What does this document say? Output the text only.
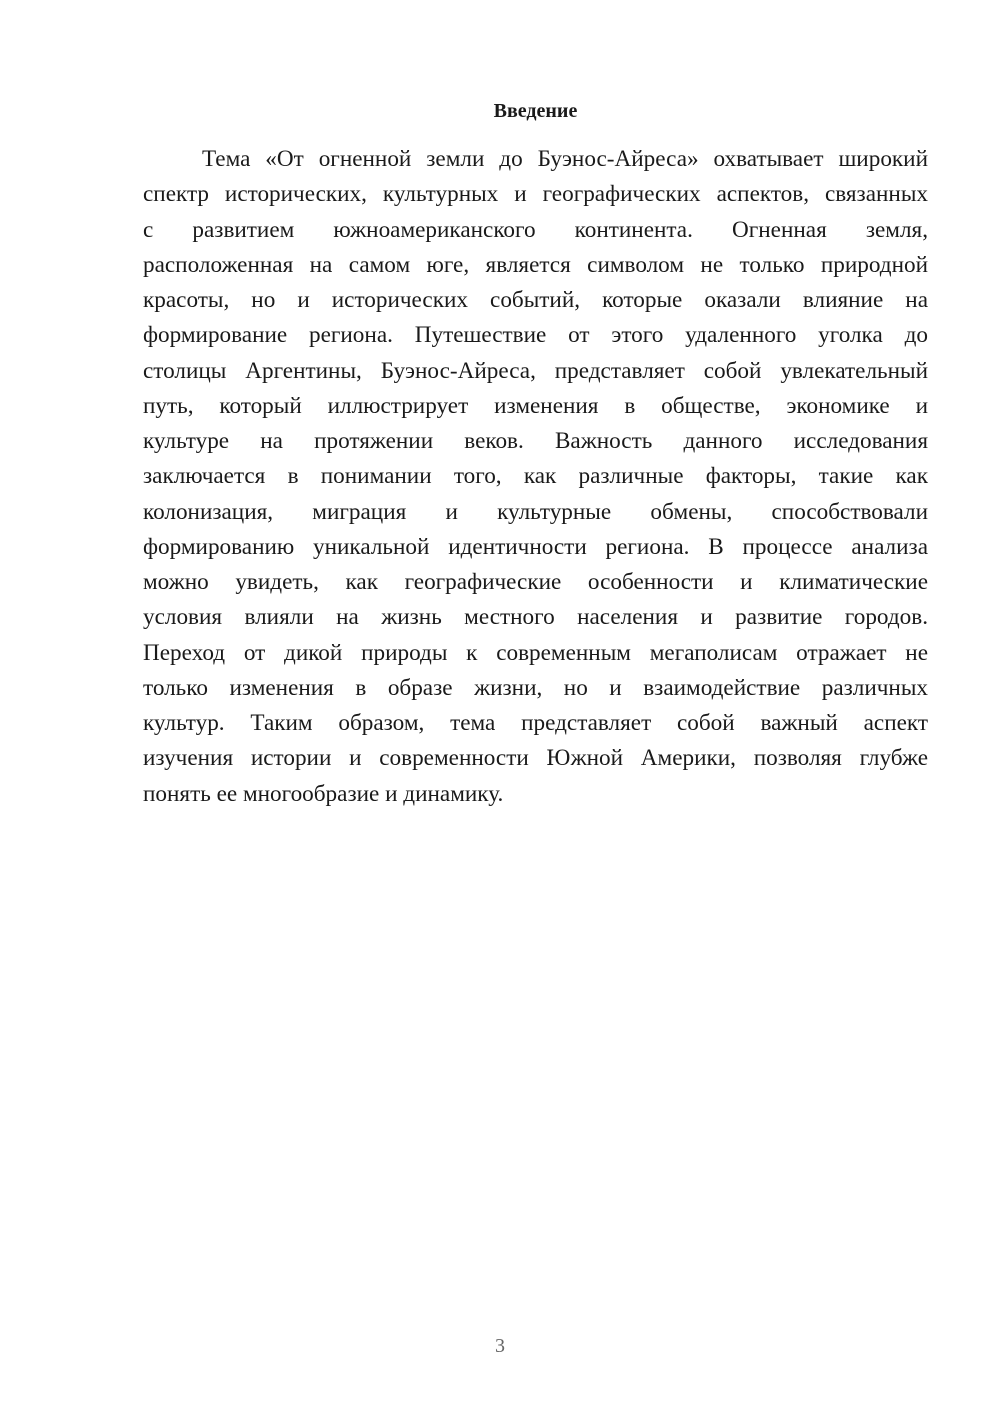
Введение
Тема «От огненной земли до Буэнос-Айреса» охватывает широкий
спектр исторических, культурных и географических аспектов, связанных
с развитием южноамериканского континента. Огненная земля,
расположенная на самом юге, является символом не только природной
красоты, но и исторических событий, которые оказали влияние на
формирование региона. Путешествие от этого удаленного уголка до
столицы Аргентины, Буэнос-Айреса, представляет собой увлекательный
путь, который иллюстрирует изменения в обществе, экономике и
культуре на протяжении веков. Важность данного исследования
заключается в понимании того, как различные факторы, такие как
колонизация, миграция и культурные обмены, способствовали
формированию уникальной идентичности региона. В процессе анализа
можно увидеть, как географические особенности и климатические
условия влияли на жизнь местного населения и развитие городов.
Переход от дикой природы к современным мегаполисам отражает не
только изменения в образе жизни, но и взаимодействие различных
культур. Таким образом, тема представляет собой важный аспект
изучения истории и современности Южной Америки, позволяя глубже
понять ее многообразие и динамику.
3
